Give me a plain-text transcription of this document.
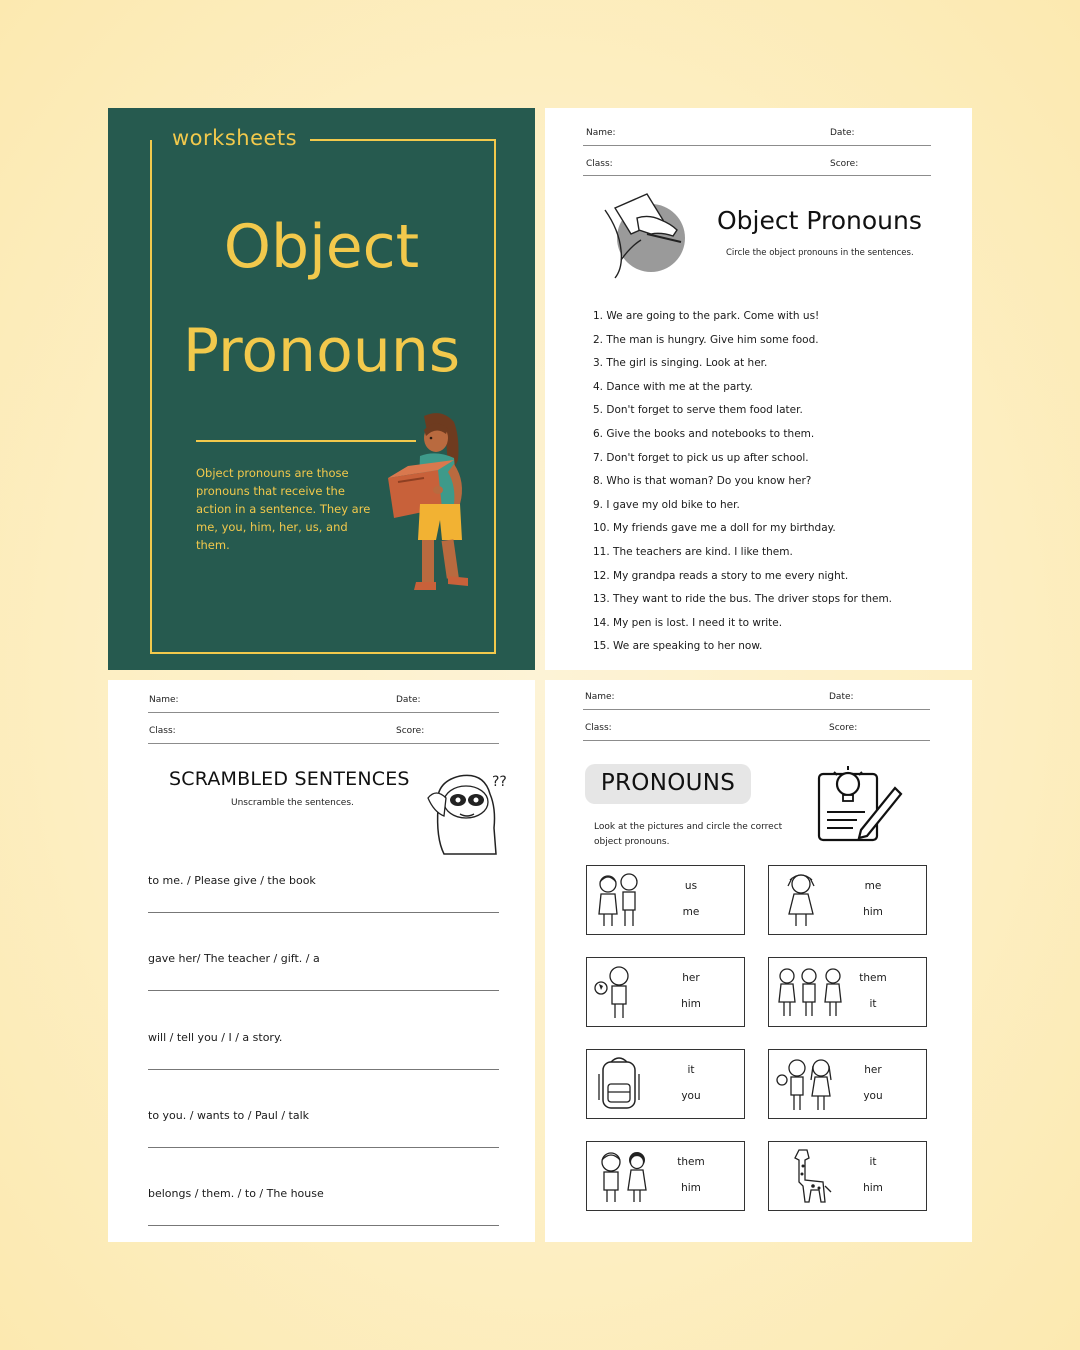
worksheets
Object
Pronouns
Object pronouns are those pronouns that receive the action in a sentence. They are me, you, him, her, us, and them.
Name:	Date:
Class:	Score:
Object Pronouns
Circle the object pronouns in the sentences.
1. We are going to the park. Come with us!
2. The man is hungry. Give him some food.
3. The girl is singing. Look at her.
4. Dance with me at the party.
5. Don't forget to serve them food later.
6. Give the books and notebooks to them.
7. Don't forget to pick us up after school.
8. Who is that woman? Do you know her?
9. I gave my old bike to her.
10. My friends gave me a doll for my birthday.
11. The teachers are kind. I like them.
12. My grandpa reads a story to me every night.
13. They want to ride the bus. The driver stops for them.
14. My pen is lost. I need it to write.
15. We are speaking to her now.
Name:	Date:
Class:	Score:
SCRAMBLED SENTENCES
Unscramble the sentences.
??
to me. / Please give / the book
gave her/ The teacher / gift. / a
will / tell you / I / a story.
to you. / wants to / Paul / talk
belongs / them. / to / The house
Name:	Date:
Class:	Score:
PRONOUNS
Look at the pictures and circle the correct object pronouns.
us
me
me
him
her
him
them
it
it
you
her
you
them
him
it
him
